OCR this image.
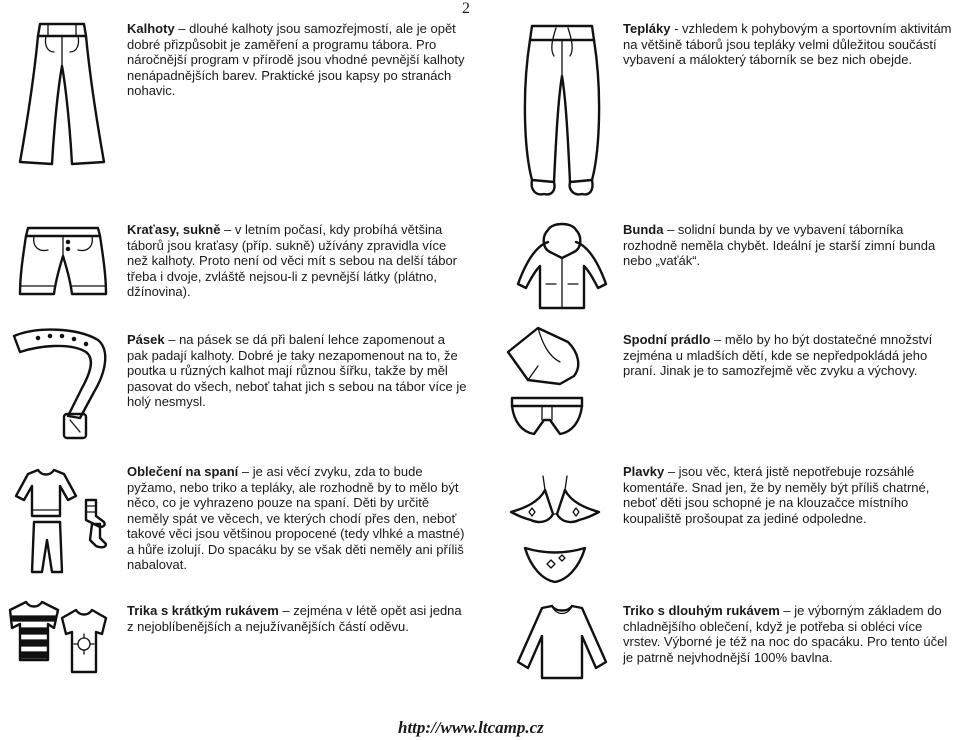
2
Kalhoty – dlouhé kalhoty jsou samozřejmostí, ale je opět dobré přizpůsobit je zaměření a programu tábora. Pro náročnější program v přírodě jsou vhodné pevnější kalhoty nenápadnějších barev. Praktické jsou kapsy po stranách nohavic.
Tepláky - vzhledem k pohybovým a sportovním aktivitám na většině táborů jsou tepláky velmi důležitou součástí vybavení a málokterý táborník se bez nich obejde.
Kraťasy, sukně – v letním počasí, kdy probíhá většina táborů jsou kraťasy (příp. sukně) užívány zpravidla více než kalhoty. Proto není od věci mít s sebou na delší tábor třeba i dvoje, zvláště nejsou-li z pevnější látky (plátno, džínovina).
Bunda – solidní bunda by ve vybavení táborníka rozhodně neměla chybět. Ideální je starší zimní bunda nebo „vaťák“.
Pásek – na pásek se dá při balení lehce zapomenout a pak padají kalhoty. Dobré je taky nezapomenout na to, že poutka u různých kalhot mají různou šířku, takže by měl pasovat do všech, neboť tahat jich s sebou na tábor více je holý nesmysl.
Spodní prádlo – mělo by ho být dostatečné množství zejména u mladších dětí, kde se nepředpokládá jeho praní. Jinak je to samozřejmě věc zvyku a výchovy.
Oblečení na spaní – je asi věcí zvyku, zda to bude pyžamo, nebo triko a tepláky, ale rozhodně by to mělo být něco, co je vyhrazeno pouze na spaní. Děti by určitě neměly spát ve věcech, ve kterých chodí přes den, neboť takové věci jsou většinou propocené (tedy vlhké a mastné) a hůře izolují. Do spacáku by se však děti neměly ani příliš nabalovat.
Plavky – jsou věc, která jistě nepotřebuje rozsáhlé komentáře. Snad jen, že by neměly být příliš chatrné, neboť děti jsou schopné je na klouzačce místního koupaliště prošoupat za jediné odpoledne.
Trika s krátkým rukávem – zejména v létě opět asi jedna z nejoblíbenějších a nejužívanějších částí oděvu.
Triko s dlouhým rukávem – je výborným základem do chladnějšího oblečení, když je potřeba si obléci více vrstev. Výborné je též na noc do spacáku. Pro tento účel je patrně nejvhodnější 100% bavlna.
http://www.ltcamp.cz
